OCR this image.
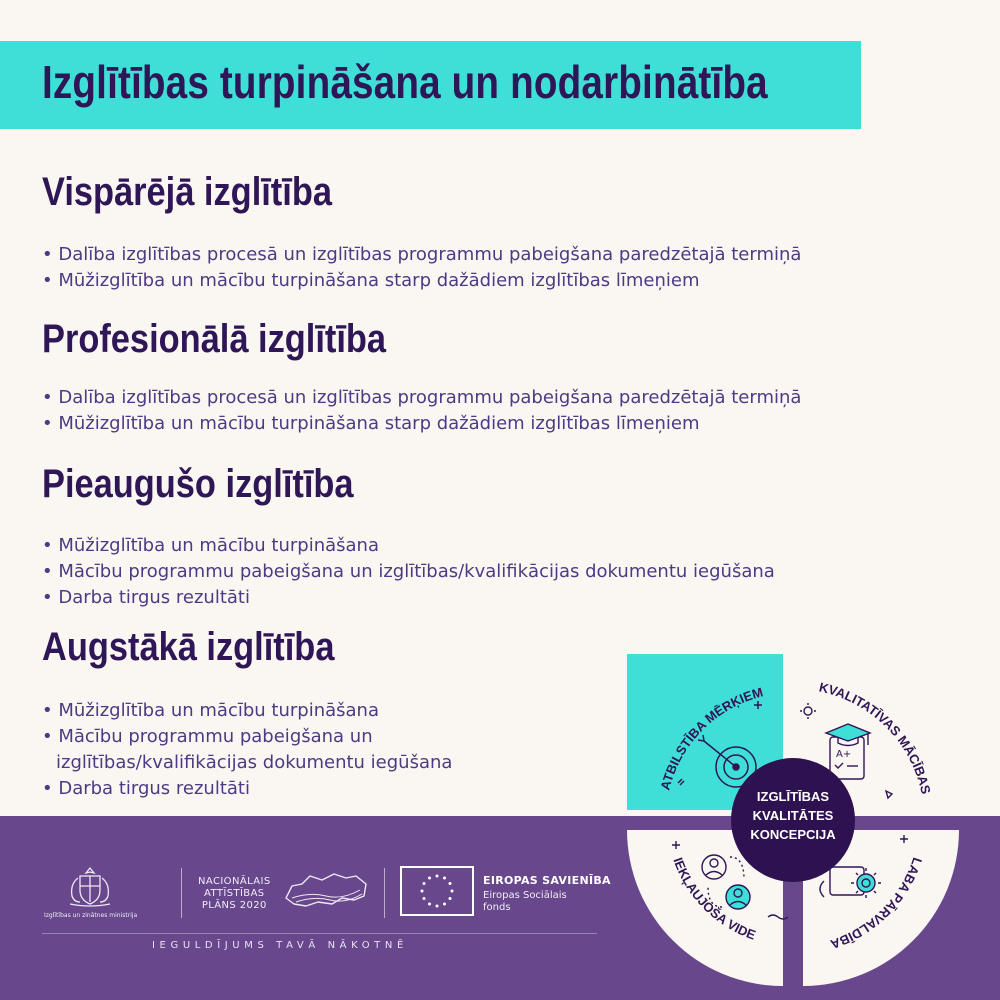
Izglītības turpināšana un nodarbinātība
Vispārējā izglītība
• Dalība izglītības procesā un izglītības programmu pabeigšana paredzētajā termiņā
• Mūžizglītība un mācību turpināšana starp dažādiem izglītības līmeņiem
Profesionālā izglītība
• Dalība izglītības procesā un izglītības programmu pabeigšana paredzētajā termiņā
• Mūžizglītība un mācību turpināšana starp dažādiem izglītības līmeņiem
Pieaugušo izglītība
• Mūžizglītība un mācību turpināšana
• Mācību programmu pabeigšana un izglītības/kvalifikācijas dokumentu iegūšana
• Darba tirgus rezultāti
Augstākā izglītība
• Mūžizglītība un mācību turpināšana
• Mācību programmu pabeigšana un
izglītības/kvalifikācijas dokumentu iegūšana
• Darba tirgus rezultāti
Izglītības un zinātnes ministrija
NACIONĀLAIS
ATTĪSTĪBAS
PLĀNS 2020
EIROPAS SAVIENĪBA
Eiropas Sociālais
fonds
IEGULDĪJUMS TAVĀ NĀKOTNĒ
IZGLĪTĪBAS
KVALITĀTES
KONCEPCIJA
ATBILSTĪBA MĒRĶIEM	KVALITATĪVAS MĀCĪBAS
LABA PĀRVALDĪBA
IEKĻAUJOŠA VIDE
A+
